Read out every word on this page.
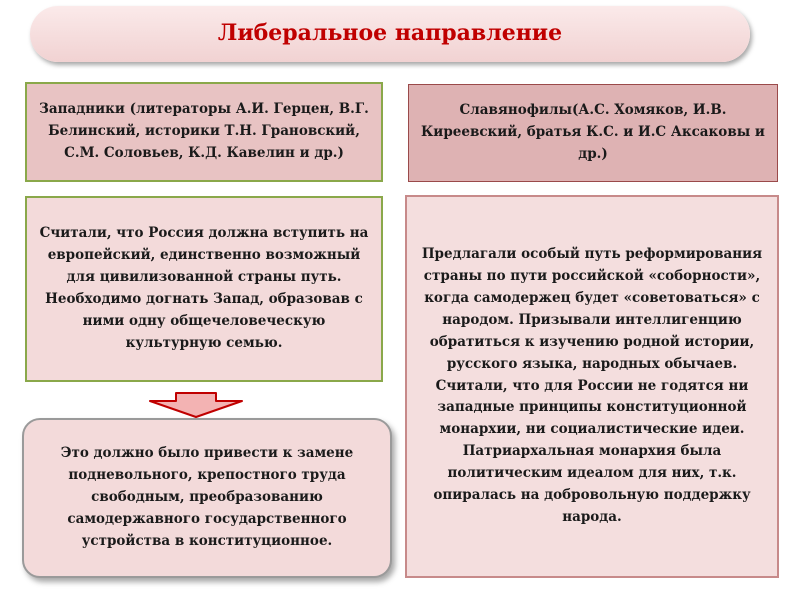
Либеральное направление
Западники (литераторы А.И. Герцен, В.Г. Белинский, историки Т.Н. Грановский, С.М. Соловьев, К.Д. Кавелин и др.)
Славянофилы(А.С. Хомяков, И.В. Киреевский, братья К.С. и И.С Аксаковы и др.)
Считали, что Россия должна вступить на европейский, единственно возможный для цивилизованной страны путь. Необходимо догнать Запад, образовав с ними одну общечеловеческую культурную семью.
Предлагали особый путь реформирования страны по пути российской «соборности», когда самодержец будет «советоваться» с народом. Призывали интеллигенцию обратиться к изучению родной истории, русского языка, народных обычаев. Считали, что для России не годятся ни западные принципы конституционной монархии, ни социалистические идеи. Патриархальная монархия была политическим идеалом для них, т.к. опиралась на добровольную поддержку народа.
Это должно было привести к замене подневольного, крепостного труда свободным, преобразованию самодержавного государственного устройства в конституционное.
